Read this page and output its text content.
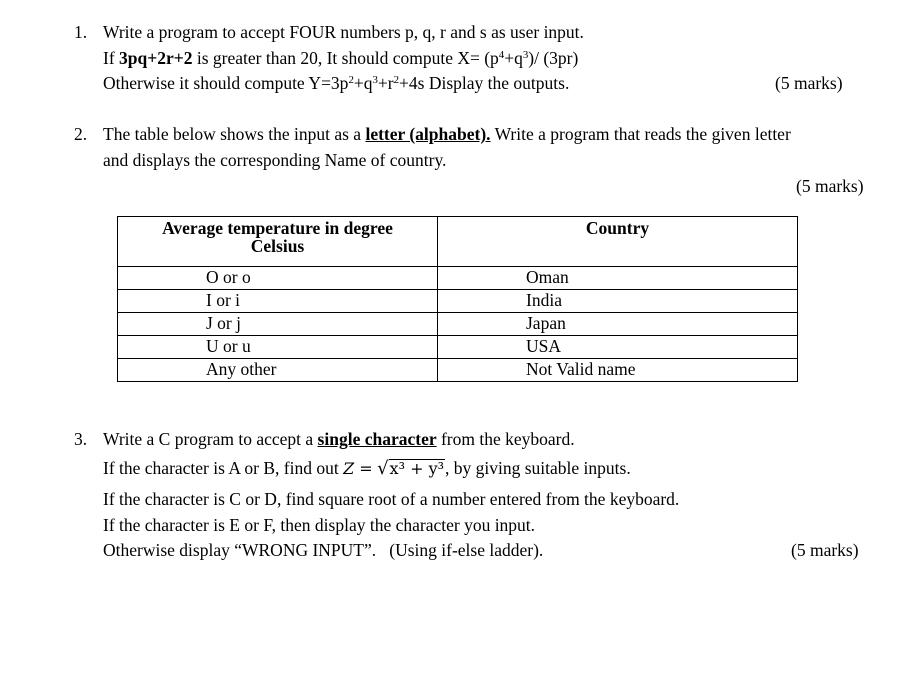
1. Write a program to accept FOUR numbers p, q, r and s as user input.
If 3pq+2r+2 is greater than 20, It should compute $X= (p^4+q^3)/$ (3pr)
Otherwise it should compute $Y=3p^2+q^3+r^2+4s$ Display the outputs.	(5 marks)
2. The table below shows the input as a letter (alphabet). Write a program that reads the given letter
and displays the corresponding Name of country.
(5 marks)
Average temperature in degree
Celsius	Country
O or o	Oman
I or i	India
J or j	Japan
U or u	USA
Any other	Not Valid name
3. Write a C program to accept a single character from the keyboard.
If the character is A or B, find out Z = √x³ + y³, by giving suitable inputs.
If the character is C or D, find square root of a number entered from the keyboard.
If the character is E or F, then display the character you input.
Otherwise display “WRONG INPUT”.   (Using if-else ladder).	(5 marks)
